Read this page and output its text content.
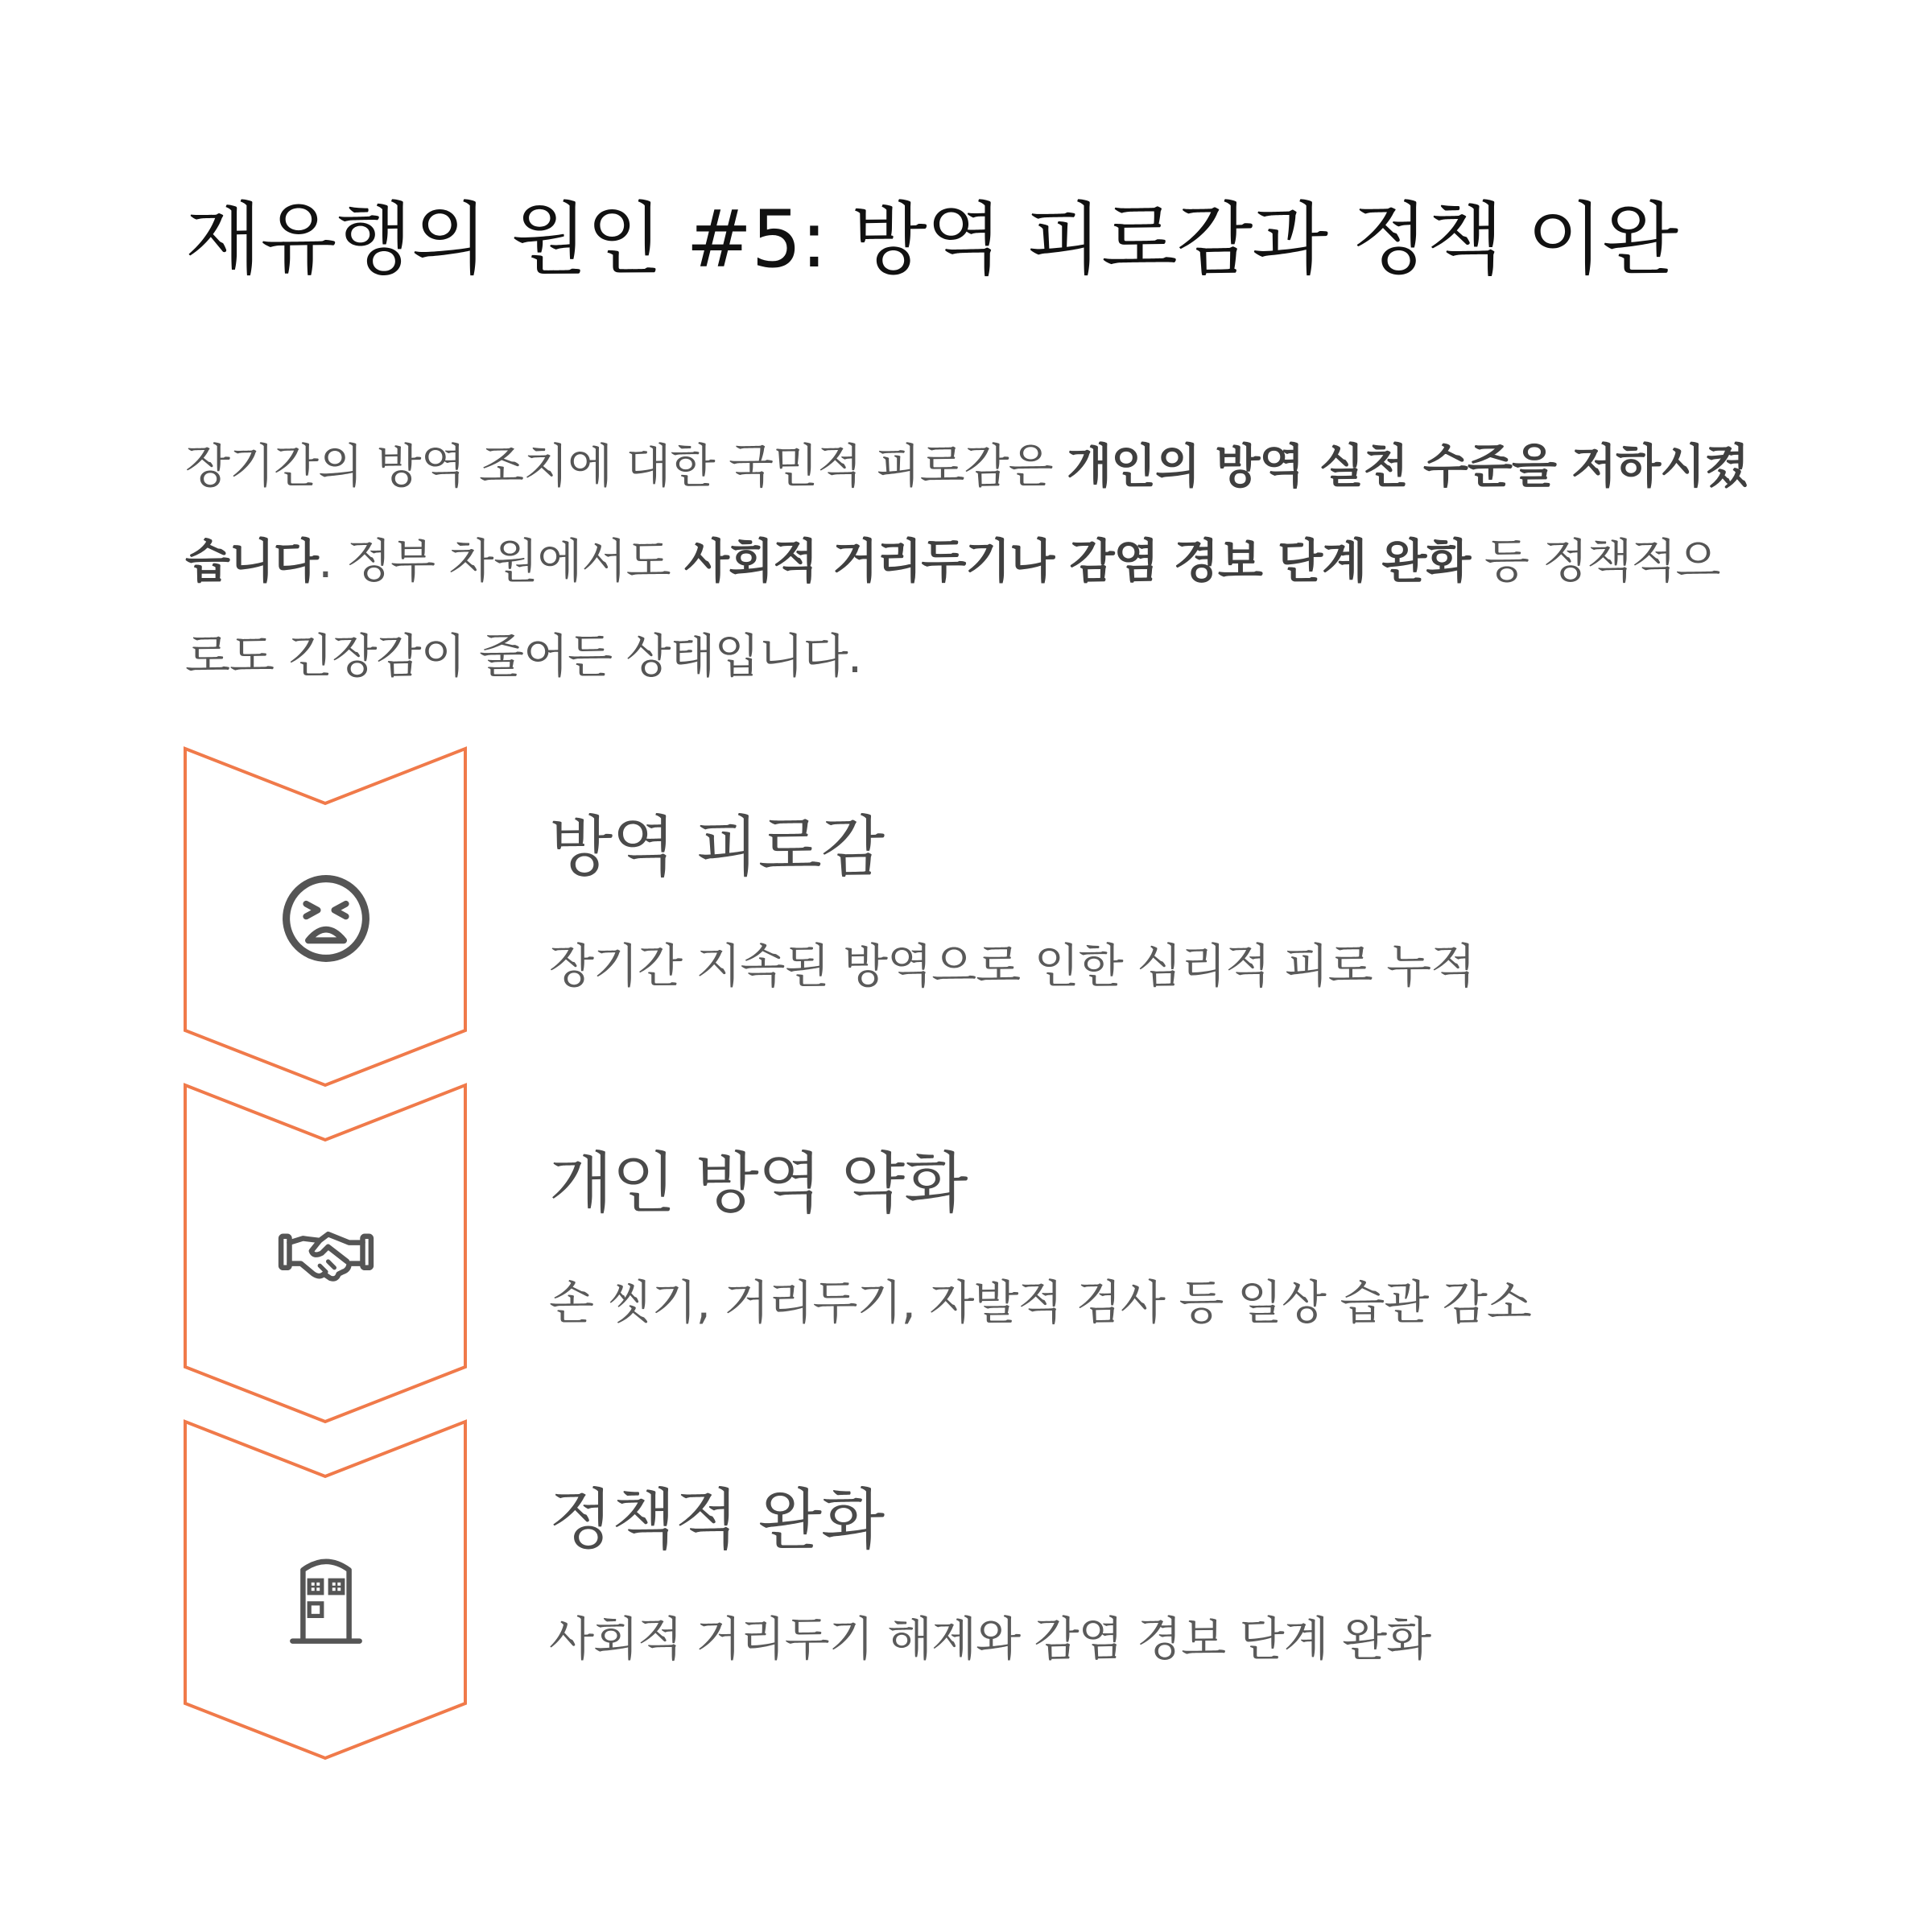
재유행의 원인 #5: 방역 피로감과 정책 이완

장기간의 방역 조치에 대한 국민적 피로감은 개인의 방역 실천 수준을 저하시켰습니다. 정부 차원에서도 사회적 거리두기나 감염 경보 단계 완화 등 정책적으로도 긴장감이 줄어든 상태입니다.

방역 피로감

장기간 지속된 방역으로 인한 심리적 피로 누적

개인 방역 약화

손 씻기, 거리두기, 자발적 검사 등 일상 습관 감소

정책적 완화

사회적 거리두기 해제와 감염 경보 단계 완화
